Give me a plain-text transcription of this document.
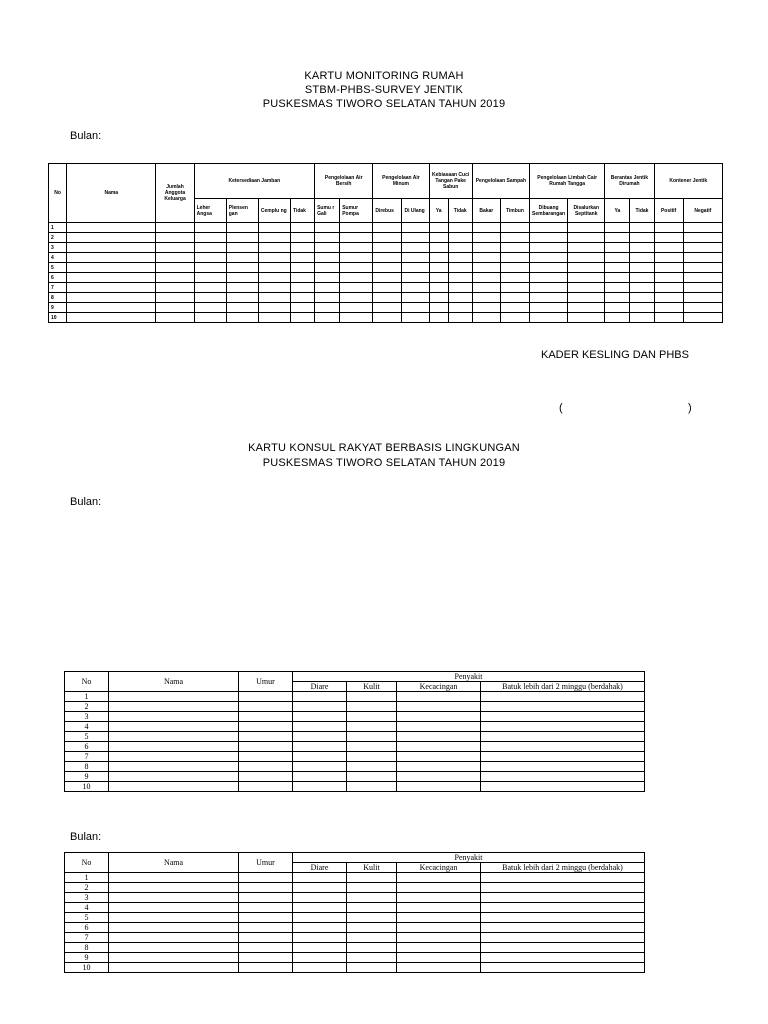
KARTU MONITORING RUMAH
STBM-PHBS-SURVEY JENTIK
PUSKESMAS TIWORO SELATAN TAHUN 2019
Bulan:
No	Nama	Jumlah Anggota Keluarga	Ketersediaan Jamban				Pengelolaan Air Bersih		Pengelolaan Air Minum		Kebiasaan Cuci Tangan Pake Sabun		Pengelolaan Sampah		Pengelolaan Limbah Cair Rumah Tangga		Berantas Jentik Dirumah		Kontener Jentik	
			Leher Angsa	Plensen gan	Cemplu ng	Tidak	Sumu r Gali	Sumur Pompa	Direbus	Di Ulang	Ya	Tidak	Bakar	Timbun	Dibuang Sembarangan	Disalurkan Septitank	Ya	Tidak	Positif	Negatif
1																				
2																				
3																				
4																				
5																				
6																				
7																				
8																				
9																				
10																				
KADER KESLING DAN PHBS
(	)
KARTU KONSUL RAKYAT BERBASIS LINGKUNGAN
PUSKESMAS TIWORO SELATAN TAHUN 2019
Bulan:
No	Nama	Umur	Penyakit			
			Diare	Kulit	Kecacingan	Batuk lebih dari 2 minggu (berdahak)
1						
2						
3						
4						
5						
6						
7						
8						
9						
10						
Bulan:
No	Nama	Umur	Penyakit			
			Diare	Kulit	Kecacingan	Batuk lebih dari 2 minggu (berdahak)
1						
2						
3						
4						
5						
6						
7						
8						
9						
10						
